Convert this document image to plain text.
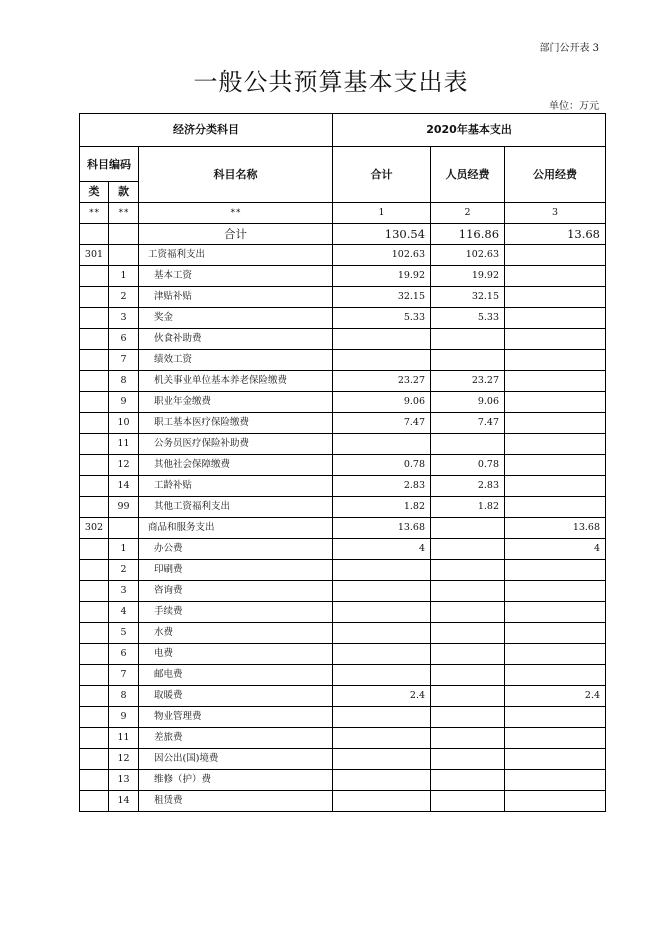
部门公开表 3
一般公共预算基本支出表
单位：万元
经济分类科目			2020年基本支出		
科目编码		科目名称	合计	人员经费	公用经费
类	款				
**	**	**	1	2	3
		合计	130.54	116.86	13.68
301		工资福利支出	102.63	102.63	
	1	基本工资	19.92	19.92	
	2	津贴补贴	32.15	32.15	
	3	奖金	5.33	5.33	
	6	伙食补助费			
	7	绩效工资			
	8	机关事业单位基本养老保险缴费	23.27	23.27	
	9	职业年金缴费	9.06	9.06	
	10	职工基本医疗保险缴费	7.47	7.47	
	11	公务员医疗保险补助费			
	12	其他社会保障缴费	0.78	0.78	
	14	工龄补贴	2.83	2.83	
	99	其他工资福利支出	1.82	1.82	
302		商品和服务支出	13.68		13.68
	1	办公费	4		4
	2	印刷费			
	3	咨询费			
	4	手续费			
	5	水费			
	6	电费			
	7	邮电费			
	8	取暖费	2.4		2.4
	9	物业管理费			
	11	差旅费			
	12	因公出(国)境费			
	13	维修（护）费			
	14	租赁费			
